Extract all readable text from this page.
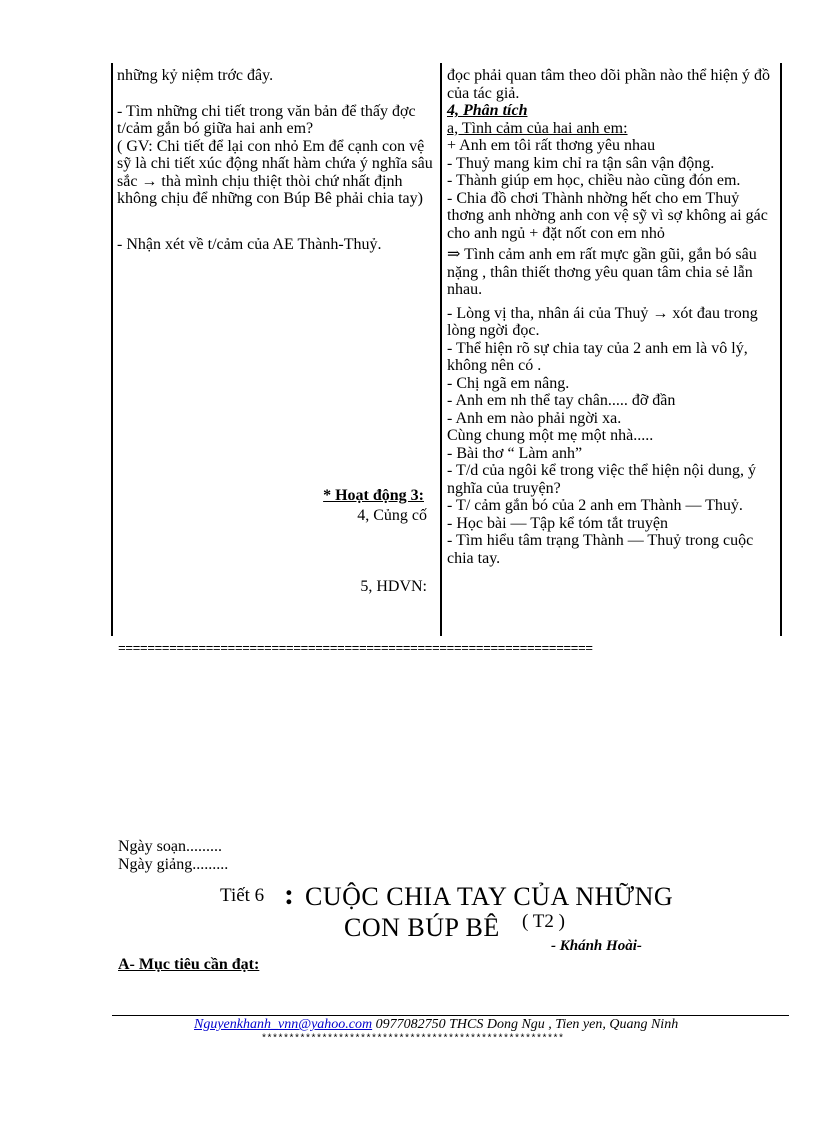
những kỷ niệm trớc đây.

- Tìm những chi tiết trong văn bản để thấy đợc t/cảm gắn bó giữa hai anh em?

( GV: Chi tiết để lại con nhỏ Em để cạnh con vệ sỹ là chi tiết xúc động nhất hàm chứa ý nghĩa sâu sắc → thà mình chịu thiệt thòi chứ nhất định không chịu để những con Búp Bê phải chia tay)

- Nhận xét về t/cảm của AE Thành-Thuỷ.

* Hoạt động 3:
4, Củng cố
5, HDVN:

đọc phải quan tâm theo dõi phần nào thể hiện ý đồ của tác giả.

4, Phân tích

a, Tình cảm của hai anh em:

+ Anh em tôi rất thơng yêu nhau

- Thuỷ mang kim chỉ ra tận sân vận động.

- Thành giúp em học, chiều nào cũng đón em.

- Chia đồ chơi Thành nhờng hết cho em Thuỷ thơng anh nhờng anh con vệ sỹ vì sợ không ai gác cho anh ngủ + đặt nốt con em nhỏ

⇒ Tình cảm anh em rất mực gần gũi, gắn bó sâu nặng , thân thiết thơng yêu quan tâm chia sẻ lẫn nhau.

- Lòng vị tha, nhân ái của Thuỷ → xót đau trong lòng ngời đọc.

- Thể hiện rõ sự chia tay của 2 anh em là vô lý, không nên có .

- Chị ngã em nâng.

- Anh em nh thể tay chân..... đỡ đần

- Anh em nào phải ngời xa.

Cùng chung một mẹ một nhà.....

- Bài thơ “ Làm anh”

- T/d của ngôi kể trong việc thể hiện nội dung, ý nghĩa của truyện?

- T/ cảm gắn bó của 2 anh em Thành — Thuỷ.

- Học bài — Tập kể tóm tắt truyện

- Tìm hiểu tâm trạng Thành — Thuỷ trong cuộc chia tay.

=================================================================
Ngày soạn.........
Ngày giảng.........
Tiết 6 : CUỘC CHIA TAY CỦA NHỮNG
CON BÚP BÊ ( T2 )
- Khánh Hoài-
A- Mục tiêu cần đạt:
Nguyenkhanh_vnn@yahoo.com 0977082750 THCS Dong Ngu , Tien yen, Quang Ninh
*******************************************************
